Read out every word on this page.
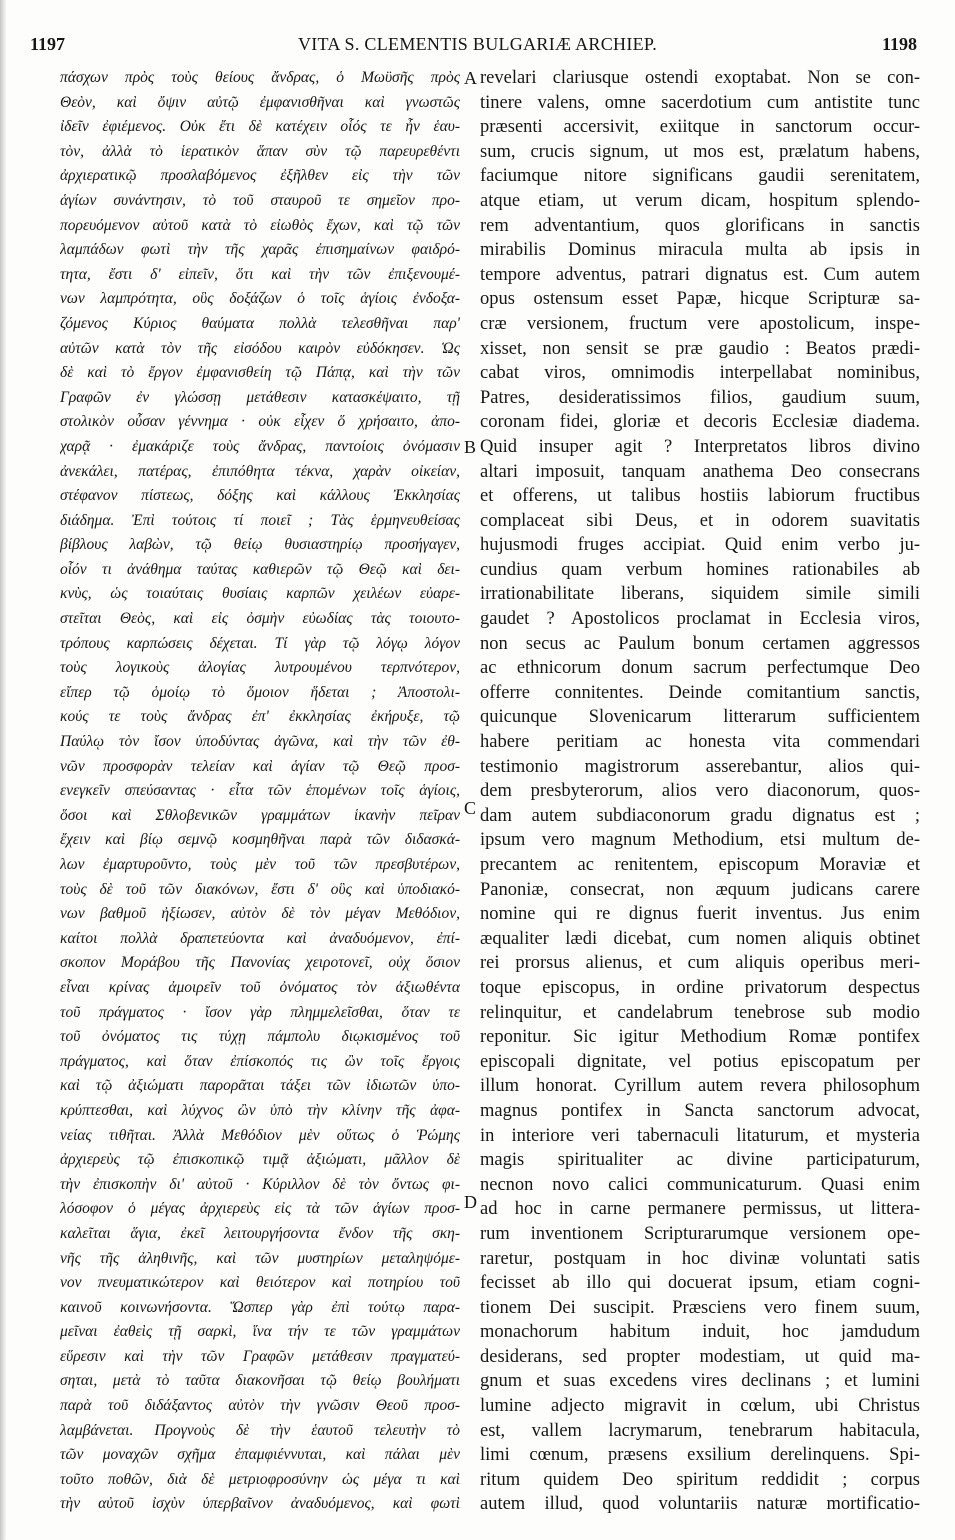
1197	VITA S. CLEMENTIS BULGARIÆ ARCHIEP.	1198
πάσχων πρὸς τοὺς θείους ἄνδρας, ὁ Μωϋσῆς πρὸς
Θεὸν, καὶ ὄψιν αὐτῷ ἐμφανισθῆναι καὶ γνωστῶς
ἰδεῖν ἐφιέμενος. Οὐκ ἔτι δὲ κατέχειν οἷός τε ἦν ἑαυ-
τὸν, ἀλλὰ τὸ ἱερατικὸν ἅπαν σὺν τῷ παρευρεθέντι
ἀρχιερατικῷ προσλαβόμενος ἐξῆλθεν εἰς τὴν τῶν
ἁγίων συνάντησιν, τὸ τοῦ σταυροῦ τε σημεῖον προ-
πορευόμενον αὐτοῦ κατὰ τὸ εἰωθὸς ἔχων, καὶ τῷ τῶν
λαμπάδων φωτὶ τὴν τῆς χαρᾶς ἐπισημαίνων φαιδρό-
τητα, ἔστι δ' εἰπεῖν, ὅτι καὶ τὴν τῶν ἐπιξενουμέ-
νων λαμπρότητα, οὓς δοξάζων ὁ τοῖς ἁγίοις ἐνδοξα-
ζόμενος Κύριος θαύματα πολλὰ τελεσθῆναι παρ'
αὐτῶν κατὰ τὸν τῆς εἰσόδου καιρὸν εὐδόκησεν. Ὡς
δὲ καὶ τὸ ἔργον ἐμφανισθείη τῷ Πάπᾳ, καὶ τὴν τῶν
Γραφῶν ἐν γλώσσῃ μετάθεσιν κατασκέψαιτο, τῇ
στολικὸν οὖσαν γέννημα · οὐκ εἶχεν ὅ χρήσαιτο, ἀπο-
χαρᾷ · ἐμακάριζε τοὺς ἄνδρας, παντοίοις ὀνόμασιν
ἀνεκάλει, πατέρας, ἐπιπόθητα τέκνα, χαρὰν οἰκείαν,
στέφανον πίστεως, δόξης καὶ κάλλους Ἐκκλησίας
διάδημα. Ἐπὶ τούτοις τί ποιεῖ ; Τὰς ἑρμηνευθείσας
βίβλους λαβὼν, τῷ θείῳ θυσιαστηρίῳ προσήγαγεν,
οἷόν τι ἀνάθημα ταύτας καθιερῶν τῷ Θεῷ καὶ δει-
κνὺς, ὡς τοιαύταις θυσίαις καρπῶν χειλέων εὐαρε-
στεῖται Θεὸς, καὶ εἰς ὀσμὴν εὐωδίας τὰς τοιουτο-
τρόπους καρπώσεις δέχεται. Τί γὰρ τῷ λόγῳ λόγον
τοὺς λογικοὺς ἀλογίας λυτρουμένου τερπνότερον,
εἴπερ τῷ ὁμοίῳ τὸ ὅμοιον ἥδεται ; Ἀποστολι-
κούς τε τοὺς ἄνδρας ἐπ' ἐκκλησίας ἐκήρυξε, τῷ
Παύλῳ τὸν ἴσον ὑποδύντας ἀγῶνα, καὶ τὴν τῶν ἐθ-
νῶν προσφορὰν τελείαν καὶ ἁγίαν τῷ Θεῷ προσ-
ενεγκεῖν σπεύσαντας · εἶτα τῶν ἑπομένων τοῖς ἁγίοις,
ὅσοι καὶ Σθλοβενικῶν γραμμάτων ἱκανὴν πεῖραν
ἔχειν καὶ βίῳ σεμνῷ κοσμηθῆναι παρὰ τῶν διδασκά-
λων ἐμαρτυροῦντο, τοὺς μὲν τοῦ τῶν πρεσβυτέρων,
τοὺς δὲ τοῦ τῶν διακόνων, ἔστι δ' οὓς καὶ ὑποδιακό-
νων βαθμοῦ ἠξίωσεν, αὐτὸν δὲ τὸν μέγαν Μεθόδιον,
καίτοι πολλὰ δραπετεύοντα καὶ ἀναδυόμενον, ἐπί-
σκοπον Μοράβου τῆς Πανονίας χειροτονεῖ, οὐχ ὅσιον
εἶναι κρίνας ἀμοιρεῖν τοῦ ὀνόματος τὸν ἀξιωθέντα
τοῦ πράγματος · ἴσον γὰρ πλημμελεῖσθαι, ὅταν τε
τοῦ ὀνόματος τις τύχῃ πάμπολυ διῳκισμένος τοῦ
πράγματος, καὶ ὅταν ἐπίσκοπός τις ὢν τοῖς ἔργοις
καὶ τῷ ἀξιώματι παρορᾶται τάξει τῶν ἰδιωτῶν ὑπο-
κρύπτεσθαι, καὶ λύχνος ὢν ὑπὸ τὴν κλίνην τῆς ἀφα-
νείας τιθῆται. Ἀλλὰ Μεθόδιον μὲν οὕτως ὁ Ῥώμης
ἀρχιερεὺς τῷ ἐπισκοπικῷ τιμᾷ ἀξιώματι, μᾶλλον δὲ
τὴν ἐπισκοπὴν δι' αὐτοῦ · Κύριλλον δὲ τὸν ὄντως φι-
λόσοφον ὁ μέγας ἀρχιερεὺς εἰς τὰ τῶν ἁγίων προσ-
καλεῖται ἅγια, ἐκεῖ λειτουργήσοντα ἔνδον τῆς σκη-
νῆς τῆς ἀληθινῆς, καὶ τῶν μυστηρίων μεταληψόμε-
νον πνευματικώτερον καὶ θειότερον καὶ ποτηρίου τοῦ
καινοῦ κοινωνήσοντα. Ὥσπερ γὰρ ἐπὶ τούτῳ παρα-
μεῖναι ἐαθεὶς τῇ σαρκὶ, ἵνα τήν τε τῶν γραμμάτων
εὕρεσιν καὶ τὴν τῶν Γραφῶν μετάθεσιν πραγματεύ-
σηται, μετὰ τὸ ταῦτα διακονῆσαι τῷ θείῳ βουλήματι
παρὰ τοῦ διδάξαντος αὐτὸν τὴν γνῶσιν Θεοῦ προσ-
λαμβάνεται. Προγνοὺς δὲ τὴν ἑαυτοῦ τελευτὴν τὸ
τῶν μοναχῶν σχῆμα ἐπαμφιέννυται, καὶ πάλαι μὲν
τοῦτο ποθῶν, διὰ δὲ μετριοφροσύνην ὡς μέγα τι καὶ
τὴν αὐτοῦ ἰσχὺν ὑπερβαῖνον ἀναδυόμενος, καὶ φωτὶ
A
B
C
D
revelari clariusque ostendi exoptabat. Non se con-
tinere valens, omne sacerdotium cum antistite tunc
præsenti accersivit, exiitque in sanctorum occur-
sum, crucis signum, ut mos est, prælatum habens,
faciumque nitore significans gaudii serenitatem,
atque etiam, ut verum dicam, hospitum splendo-
rem adventantium, quos glorificans in sanctis
mirabilis Dominus miracula multa ab ipsis in
tempore adventus, patrari dignatus est. Cum autem
opus ostensum esset Papæ, hicque Scripturæ sa-
cræ versionem, fructum vere apostolicum, inspe-
xisset, non sensit se præ gaudio : Beatos prædi-
cabat viros, omnimodis interpellabat nominibus,
Patres, desideratissimos filios, gaudium suum,
coronam fidei, gloriæ et decoris Ecclesiæ diadema.
Quid insuper agit ? Interpretatos libros divino
altari imposuit, tanquam anathema Deo consecrans
et offerens, ut talibus hostiis labiorum fructibus
complaceat sibi Deus, et in odorem suavitatis
hujusmodi fruges accipiat. Quid enim verbo ju-
cundius quam verbum homines rationabiles ab
irrationabilitate liberans, siquidem simile simili
gaudet ? Apostolicos proclamat in Ecclesia viros,
non secus ac Paulum bonum certamen aggressos
ac ethnicorum donum sacrum perfectumque Deo
offerre connitentes. Deinde comitantium sanctis,
quicunque Slovenicarum litterarum sufficientem
habere peritiam ac honesta vita commendari
testimonio magistrorum asserebantur, alios qui-
dem presbyterorum, alios vero diaconorum, quos-
dam autem subdiaconorum gradu dignatus est ;
ipsum vero magnum Methodium, etsi multum de-
precantem ac renitentem, episcopum Moraviæ et
Panoniæ, consecrat, non æquum judicans carere
nomine qui re dignus fuerit inventus. Jus enim
æqualiter lædi dicebat, cum nomen aliquis obtinet
rei prorsus alienus, et cum aliquis operibus meri-
toque episcopus, in ordine privatorum despectus
relinquitur, et candelabrum tenebrose sub modio
reponitur. Sic igitur Methodium Romæ pontifex
episcopali dignitate, vel potius episcopatum per
illum honorat. Cyrillum autem revera philosophum
magnus pontifex in Sancta sanctorum advocat,
in interiore veri tabernaculi litaturum, et mysteria
magis spiritualiter ac divine participaturum,
necnon novo calici communicaturum. Quasi enim
ad hoc in carne permanere permissus, ut littera-
rum inventionem Scripturarumque versionem ope-
raretur, postquam in hoc divinæ voluntati satis
fecisset ab illo qui docuerat ipsum, etiam cogni-
tionem Dei suscipit. Præsciens vero finem suum,
monachorum habitum induit, hoc jamdudum
desiderans, sed propter modestiam, ut quid ma-
gnum et suas excedens vires declinans ; et lumini
lumine adjecto migravit in cœlum, ubi Christus
est, vallem lacrymarum, tenebrarum habitacula,
limi cœnum, præsens exsilium derelinquens. Spi-
ritum quidem Deo spiritum reddidit ; corpus
autem illud, quod voluntariis naturæ mortificatio-
